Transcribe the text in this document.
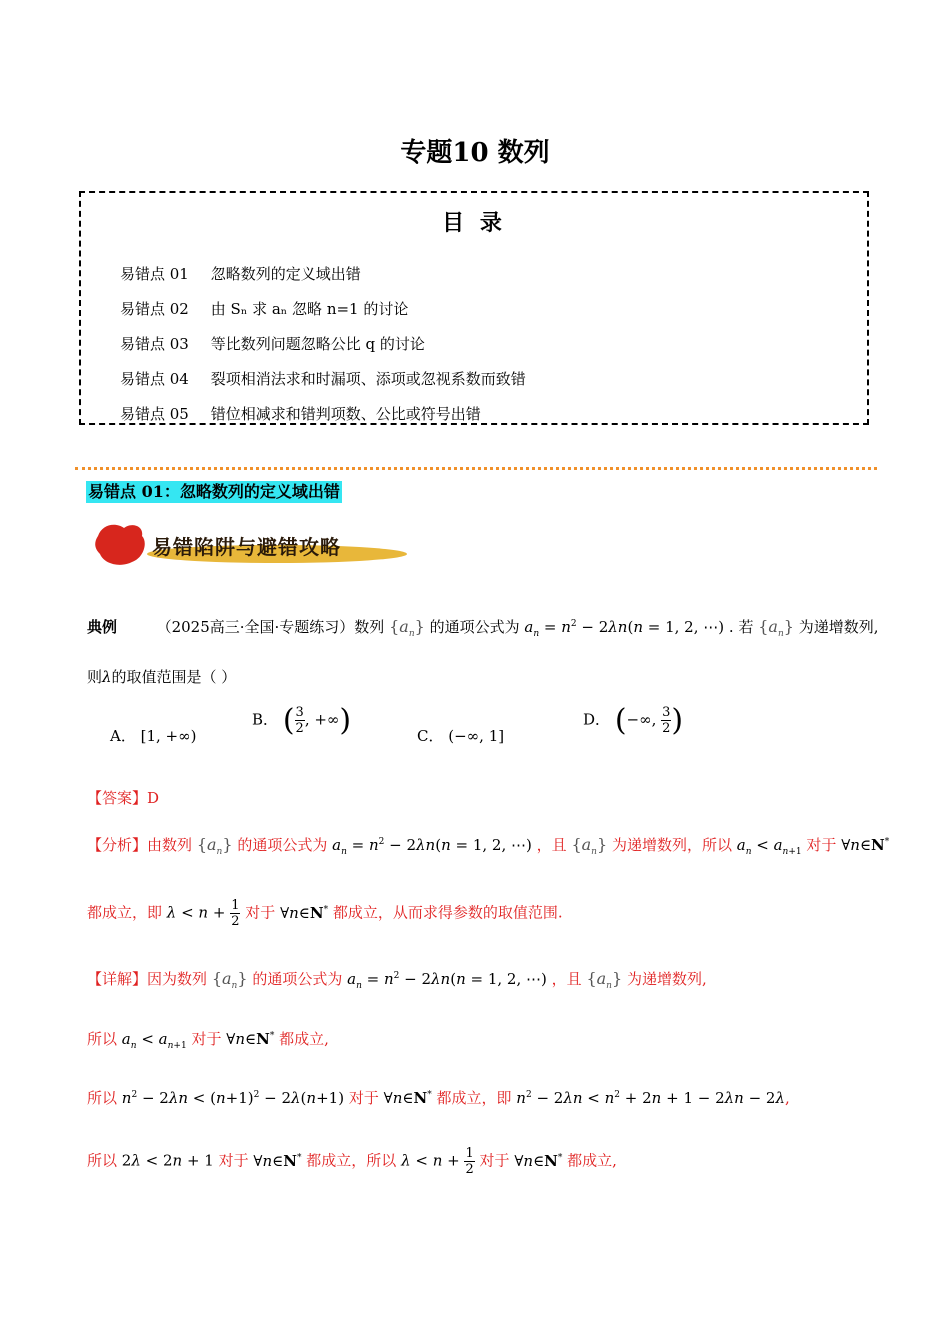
专题10 数列
目 录
易错点 01 忽略数列的定义域出错
易错点 02 由 Sₙ 求 aₙ 忽略 n=1 的讨论
易错点 03 等比数列问题忽略公比 q 的讨论
易错点 04 裂项相消法求和时漏项、添项或忽视系数而致错
易错点 05 错位相减求和错判项数、公比或符号出错
易错点 01：忽略数列的定义域出错
易错陷阱与避错攻略
典例	（2025高三·全国·专题练习）数列 $\{a_n\}$ 的通项公式为 $a_n = n^2 - 2\lambda n(n = 1$, 2, ⋯) . 若 $\{a_n\}$ 为递增数列,
则λ的取值范围是（ ）
A． [1, +∞)
B． ( $\frac{3}{2}$ , +∞)	C． (−∞, 1]
D． (−∞, $\frac{3}{2}$ )
【答案】D
【分析】由数列 $\{a_n\}$ 的通项公式为 $a_n = n^2 - 2\lambda n(n = 1$, 2, ⋯) ，且 $\{a_n\}$ 为递增数列，所以 $a_n < a_{n+1}$ 对于 ∀n∈N*
都成立，即 $\lambda < n + \frac{1}{2}$ 对于 ∀n∈N* 都成立，从而求得参数的取值范围.
【详解】因为数列 $\{a_n\}$ 的通项公式为 $a_n = n^2 - 2\lambda n(n = 1$, 2, ⋯) ，且 $\{a_n\}$ 为递增数列,
所以 $a_n < a_{n+1}$ 对于 ∀n∈N* 都成立,
所以 $n^2 - 2\lambda n < (n+1)^2 - 2\lambda(n+1)$ 对于 ∀n∈N* 都成立，即 $n^2 - 2\lambda n < n^2 + 2n + 1 - 2\lambda n - 2\lambda$,
所以 2λ < 2n + 1 对于 ∀n∈N* 都成立，所以 $\lambda < n + \frac{1}{2}$ 对于 ∀n∈N* 都成立,
